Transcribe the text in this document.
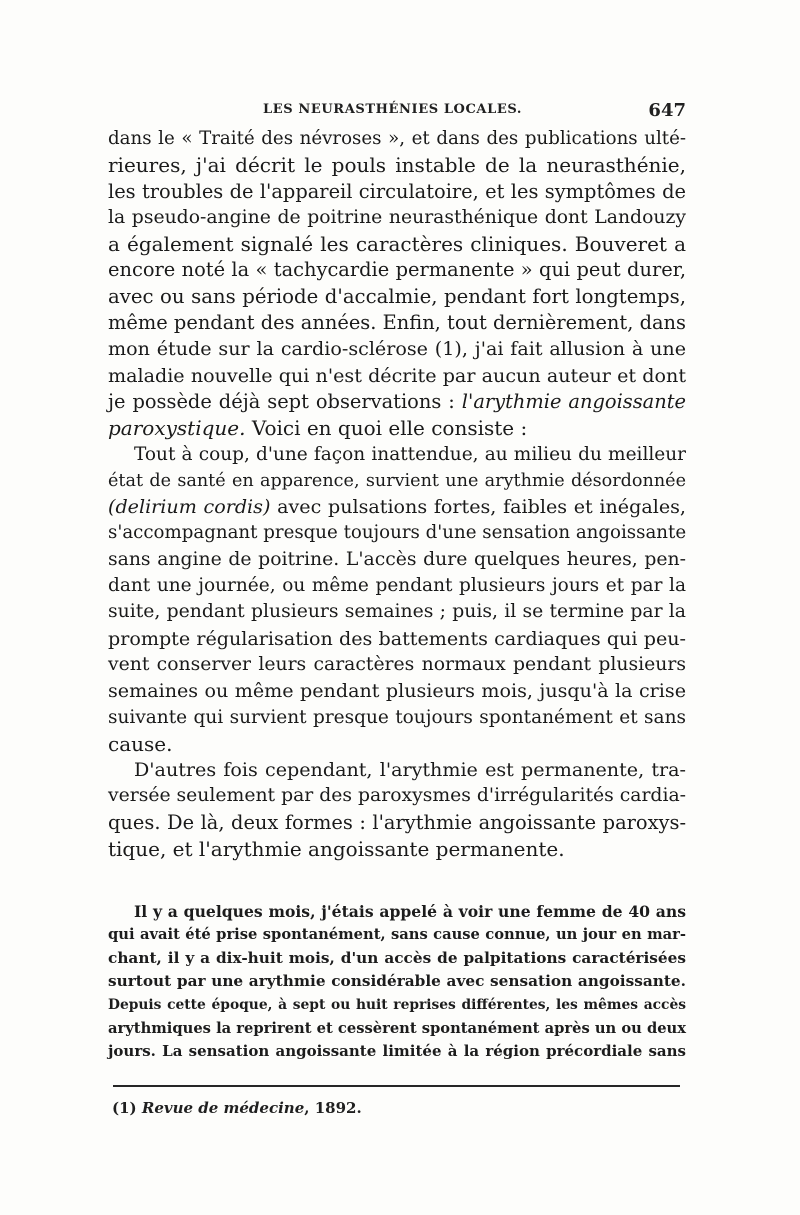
LES NEURASTHÉNIES LOCALES.	647
dans le « Traité des névroses », et dans des publications ulté-
rieures, j'ai décrit le pouls instable de la neurasthénie,
les troubles de l'appareil circulatoire, et les symptômes de
la pseudo-angine de poitrine neurasthénique dont Landouzy
a également signalé les caractères cliniques. Bouveret a
encore noté la « tachycardie permanente » qui peut durer,
avec ou sans période d'accalmie, pendant fort longtemps,
même pendant des années. Enfin, tout dernièrement, dans
mon étude sur la cardio-sclérose (1), j'ai fait allusion à une
maladie nouvelle qui n'est décrite par aucun auteur et dont
je possède déjà sept observations : l'arythmie angoissante
paroxystique. Voici en quoi elle consiste :
Tout à coup, d'une façon inattendue, au milieu du meilleur
état de santé en apparence, survient une arythmie désordonnée
(delirium cordis) avec pulsations fortes, faibles et inégales,
s'accompagnant presque toujours d'une sensation angoissante
sans angine de poitrine. L'accès dure quelques heures, pen-
dant une journée, ou même pendant plusieurs jours et par la
suite, pendant plusieurs semaines ; puis, il se termine par la
prompte régularisation des battements cardiaques qui peu-
vent conserver leurs caractères normaux pendant plusieurs
semaines ou même pendant plusieurs mois, jusqu'à la crise
suivante qui survient presque toujours spontanément et sans
cause.
D'autres fois cependant, l'arythmie est permanente, tra-
versée seulement par des paroxysmes d'irrégularités cardia-
ques. De là, deux formes : l'arythmie angoissante paroxys-
tique, et l'arythmie angoissante permanente.
Il y a quelques mois, j'étais appelé à voir une femme de 40 ans
qui avait été prise spontanément, sans cause connue, un jour en mar-
chant, il y a dix-huit mois, d'un accès de palpitations caractérisées
surtout par une arythmie considérable avec sensation angoissante.
Depuis cette époque, à sept ou huit reprises différentes, les mêmes accès
arythmiques la reprirent et cessèrent spontanément après un ou deux
jours. La sensation angoissante limitée à la région précordiale sans
(1) Revue de médecine, 1892.
